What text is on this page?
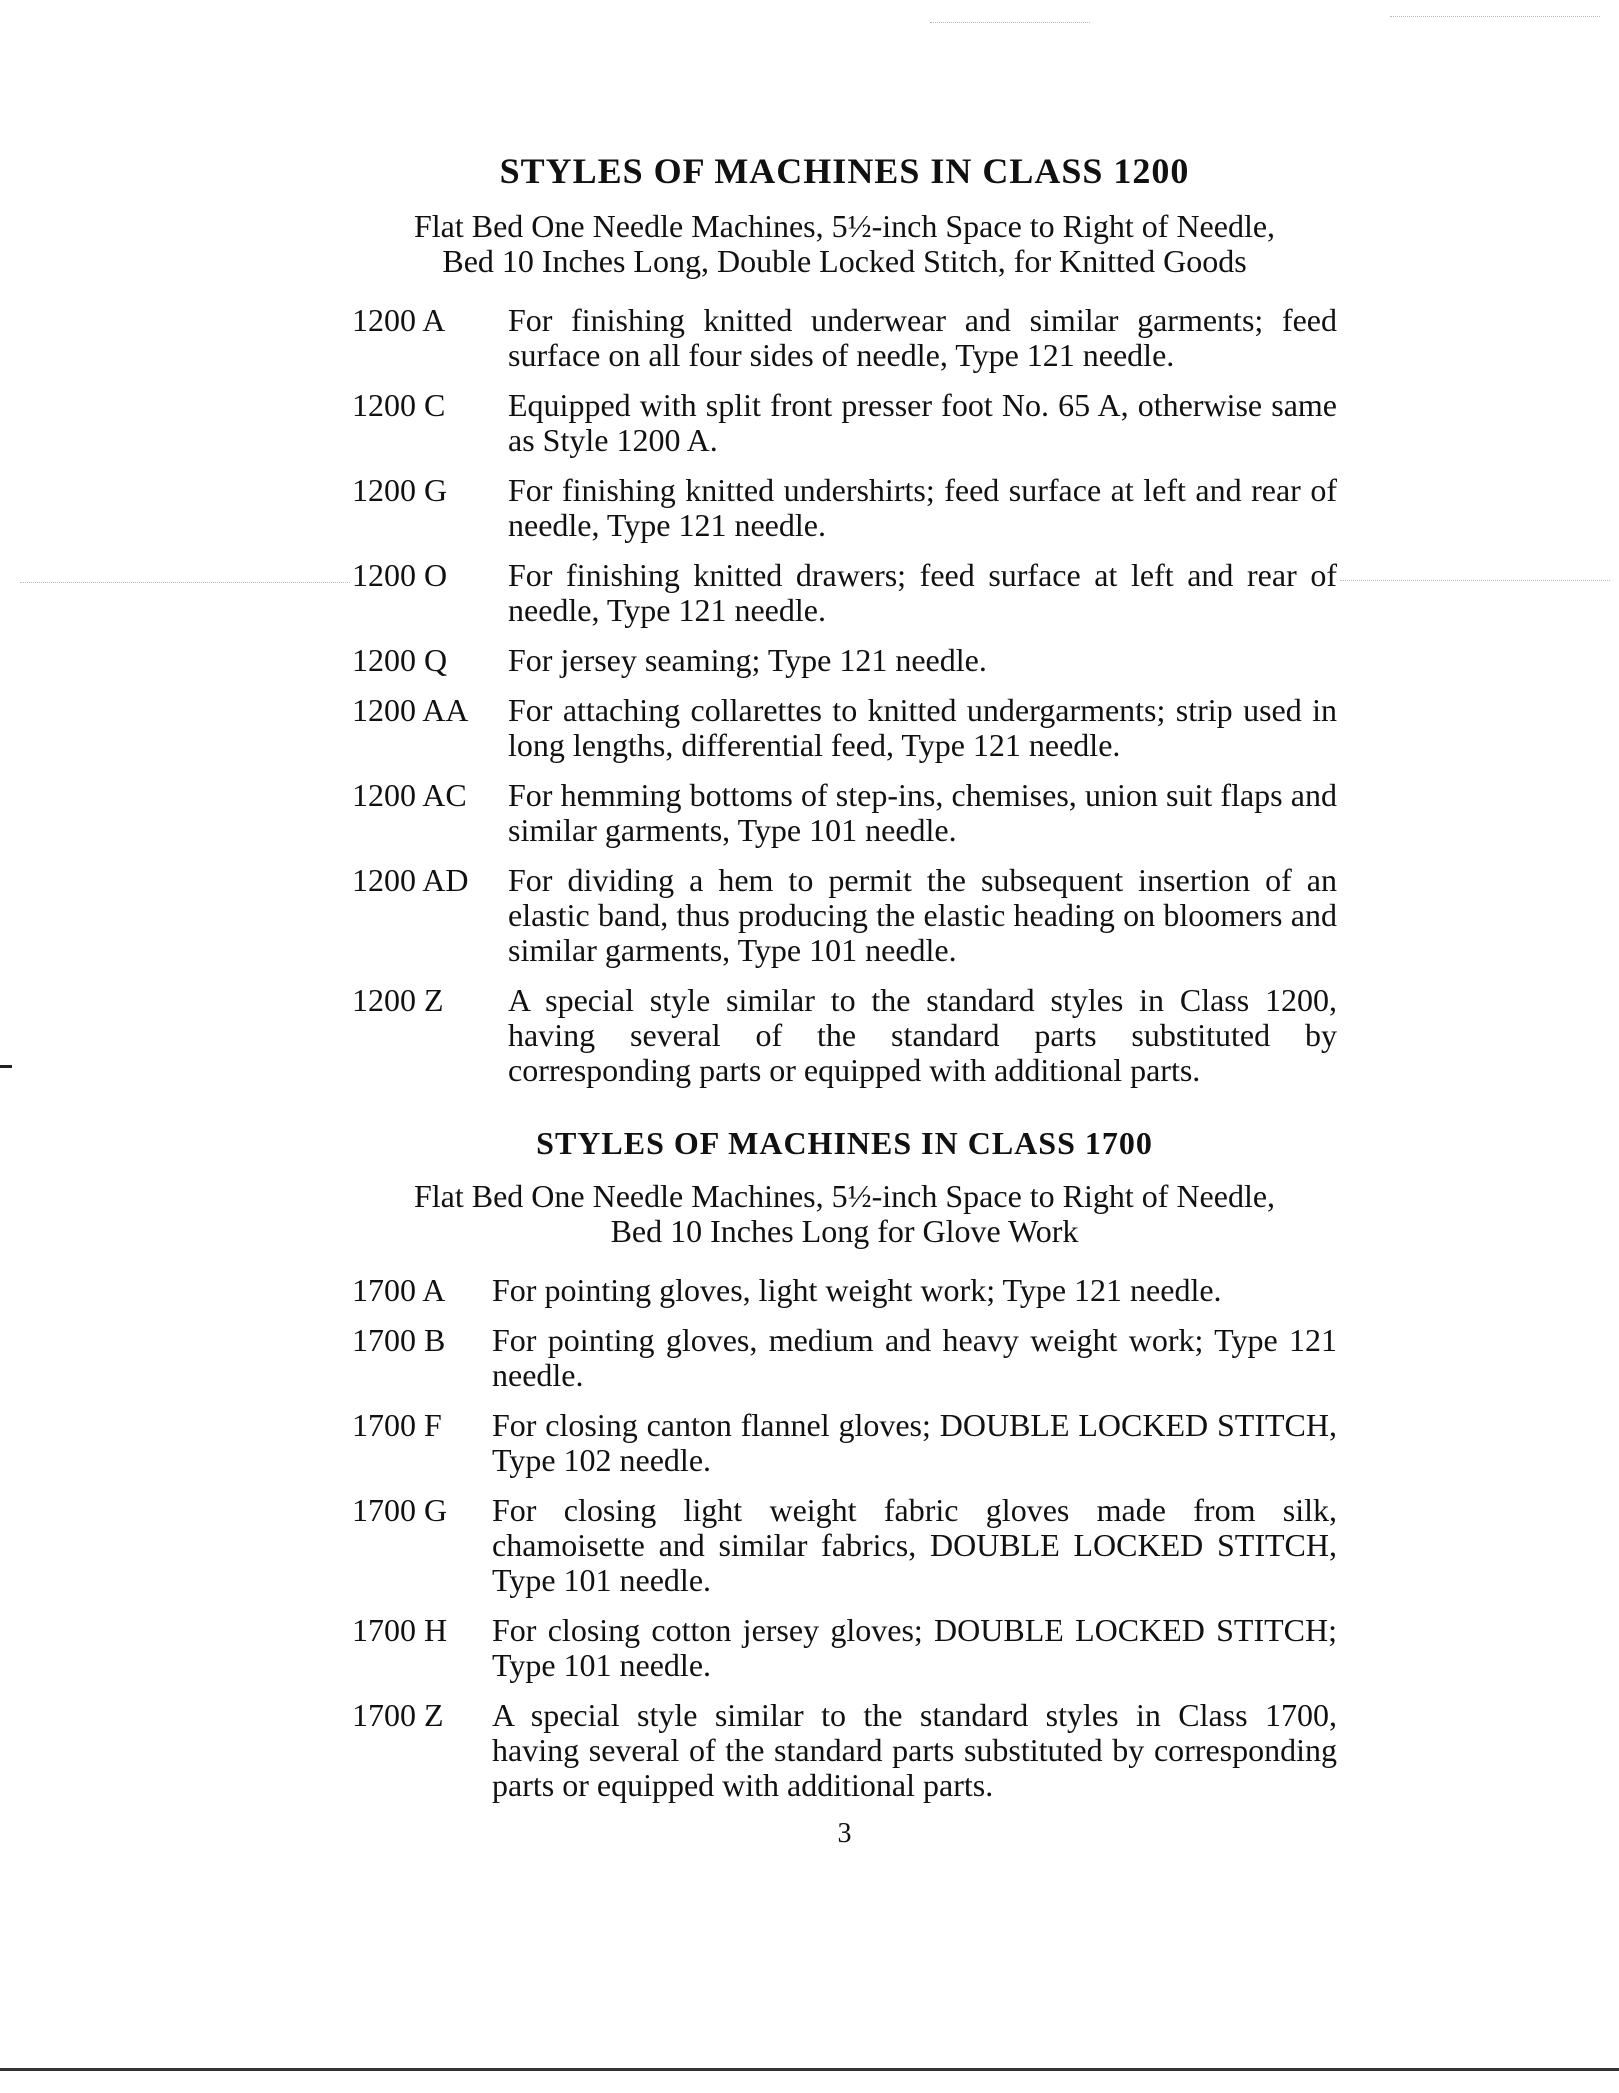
STYLES OF MACHINES IN CLASS 1200
Flat Bed One Needle Machines, 5½-inch Space to Right of Needle,
Bed 10 Inches Long, Double Locked Stitch, for Knitted Goods
1200 A	For finishing knitted underwear and similar garments; feed surface on all four sides of needle, Type 121 needle.
1200 C	Equipped with split front presser foot No. 65 A, otherwise same as Style 1200 A.
1200 G	For finishing knitted undershirts; feed surface at left and rear of needle, Type 121 needle.
1200 O	For finishing knitted drawers; feed surface at left and rear of needle, Type 121 needle.
1200 Q	For jersey seaming; Type 121 needle.
1200 AA	For attaching collarettes to knitted undergarments; strip used in long lengths, differential feed, Type 121 needle.
1200 AC	For hemming bottoms of step-ins, chemises, union suit flaps and similar garments, Type 101 needle.
1200 AD	For dividing a hem to permit the subsequent insertion of an elastic band, thus producing the elastic heading on bloomers and similar garments, Type 101 needle.
1200 Z	A special style similar to the standard styles in Class 1200, having several of the standard parts substituted by corresponding parts or equipped with additional parts.
STYLES OF MACHINES IN CLASS 1700
Flat Bed One Needle Machines, 5½-inch Space to Right of Needle,
Bed 10 Inches Long for Glove Work
1700 A	For pointing gloves, light weight work; Type 121 needle.
1700 B	For pointing gloves, medium and heavy weight work; Type 121 needle.
1700 F	For closing canton flannel gloves; DOUBLE LOCKED STITCH, Type 102 needle.
1700 G	For closing light weight fabric gloves made from silk, chamoisette and similar fabrics, DOUBLE LOCKED STITCH, Type 101 needle.
1700 H	For closing cotton jersey gloves; DOUBLE LOCKED STITCH; Type 101 needle.
1700 Z	A special style similar to the standard styles in Class 1700, having several of the standard parts substituted by corresponding parts or equipped with additional parts.
3
